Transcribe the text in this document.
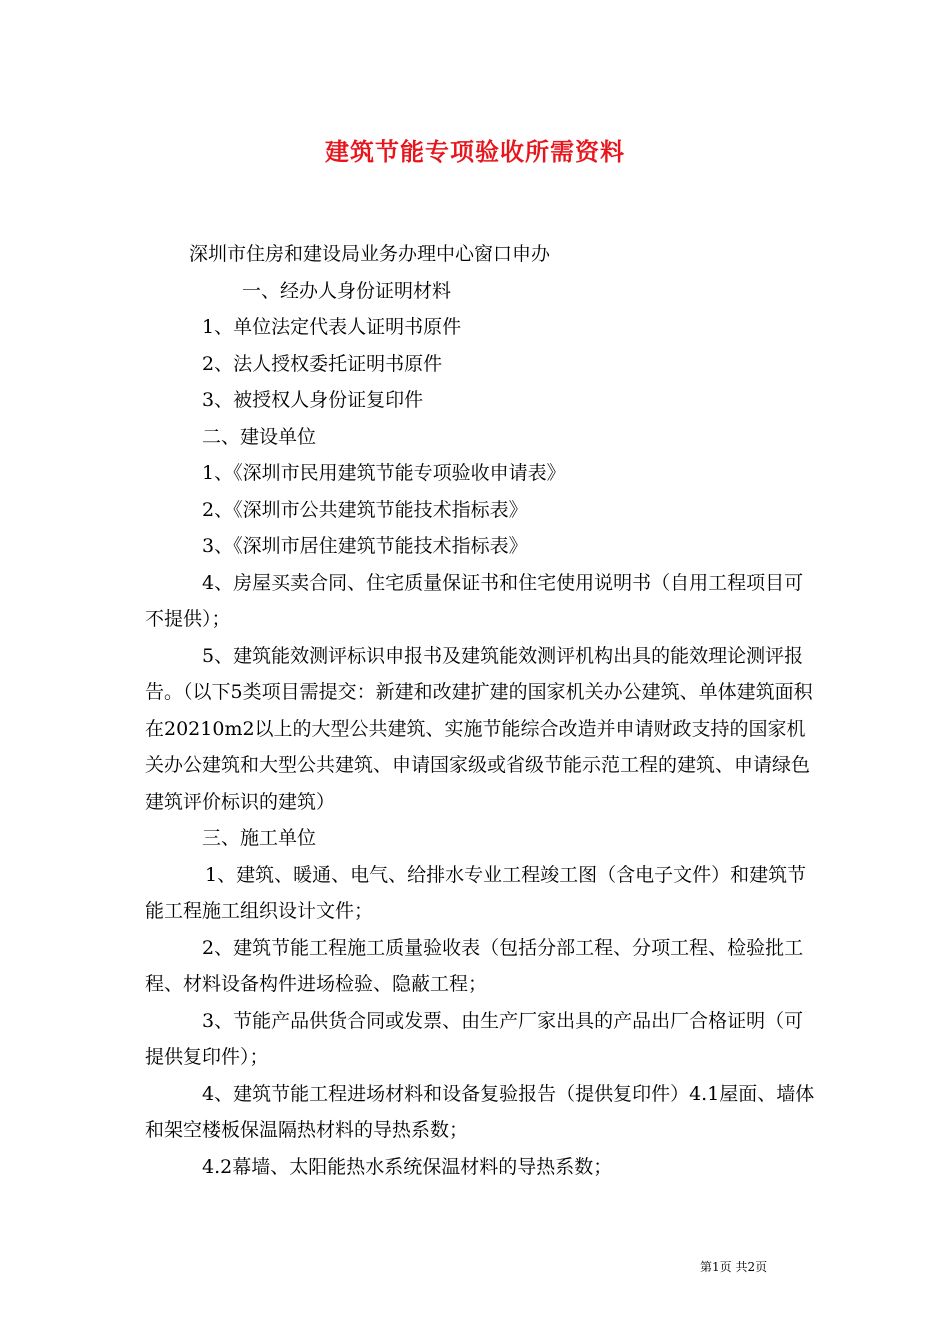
建筑节能专项验收所需资料

深圳市住房和建设局业务办理中心窗口申办

一、经办人身份证明材料

1、单位法定代表人证明书原件

2、法人授权委托证明书原件

3、被授权人身份证复印件

二、建设单位

1、《深圳市民用建筑节能专项验收申请表》

2、《深圳市公共建筑节能技术指标表》

3、《深圳市居住建筑节能技术指标表》

4、房屋买卖合同、住宅质量保证书和住宅使用说明书（自用工程项目可不提供）；

5、建筑能效测评标识申报书及建筑能效测评机构出具的能效理论测评报告。（以下5类项目需提交：新建和改建扩建的国家机关办公建筑、单体建筑面积在20210m2以上的大型公共建筑、实施节能综合改造并申请财政支持的国家机关办公建筑和大型公共建筑、申请国家级或省级节能示范工程的建筑、申请绿色建筑评价标识的建筑）

三、施工单位

1、建筑、暖通、电气、给排水专业工程竣工图（含电子文件）和建筑节能工程施工组织设计文件；

2、建筑节能工程施工质量验收表（包括分部工程、分项工程、检验批工程、材料设备构件进场检验、隐蔽工程；

3、节能产品供货合同或发票、由生产厂家出具的产品出厂合格证明（可提供复印件）；

4、建筑节能工程进场材料和设备复验报告（提供复印件）4.1屋面、墙体和架空楼板保温隔热材料的导热系数；

4.2幕墙、太阳能热水系统保温材料的导热系数；

第1页 共2页
